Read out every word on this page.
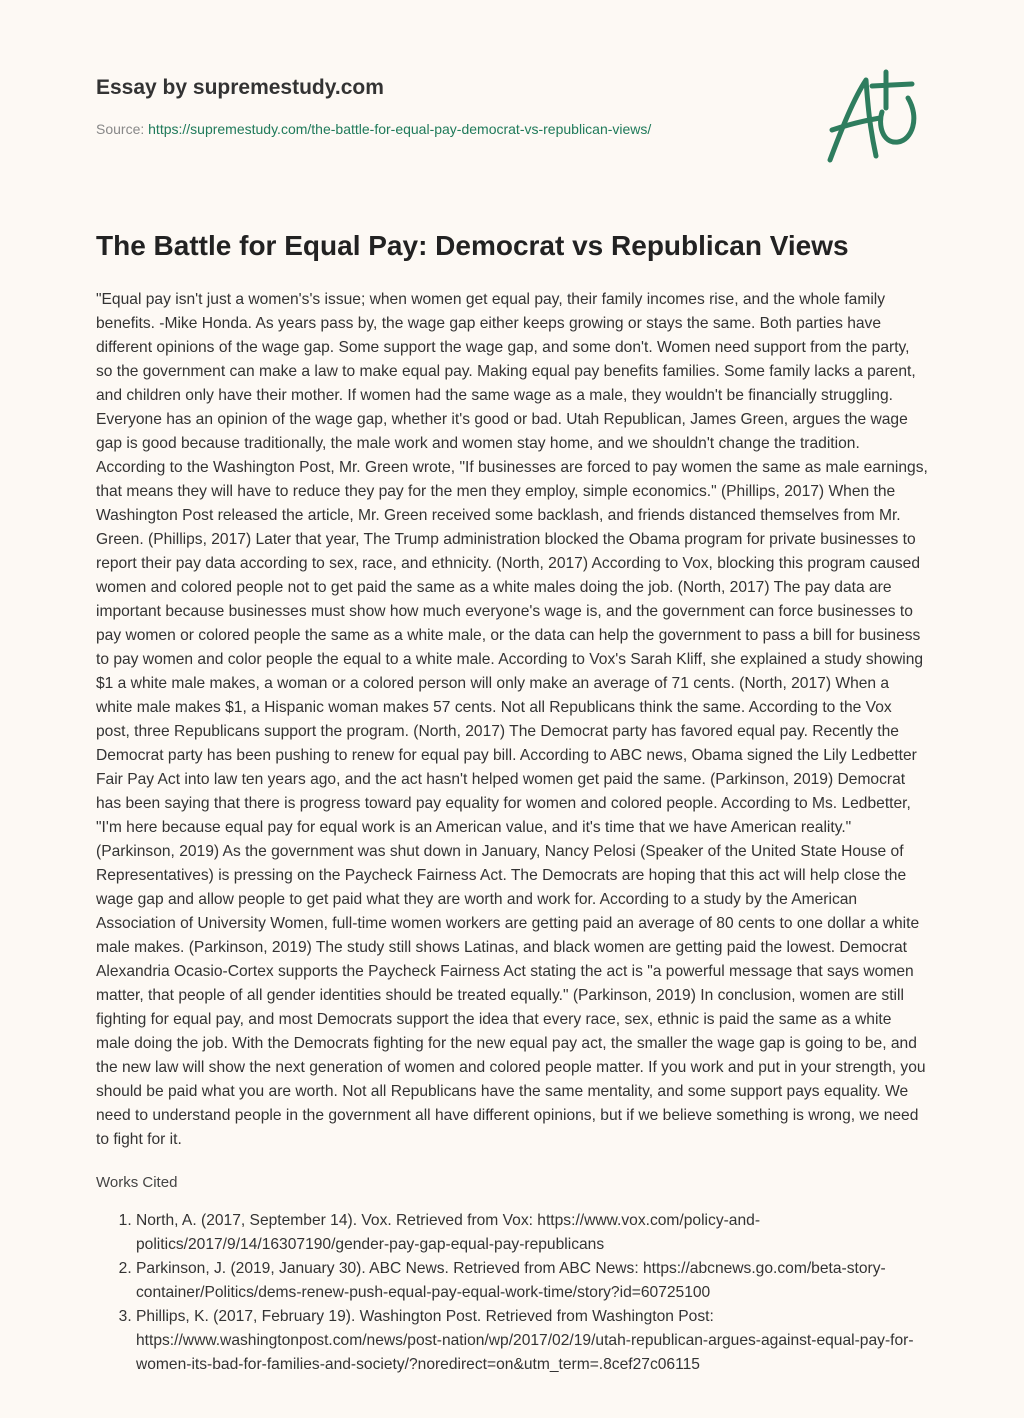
Essay by supremestudy.com
Source: https://supremestudy.com/the-battle-for-equal-pay-democrat-vs-republican-views/
The Battle for Equal Pay: Democrat vs Republican Views

"Equal pay isn't just a women's's issue; when women get equal pay, their family incomes rise, and the whole family benefits. -Mike Honda. As years pass by, the wage gap either keeps growing or stays the same. Both parties have different opinions of the wage gap. Some support the wage gap, and some don't. Women need support from the party, so the government can make a law to make equal pay. Making equal pay benefits families. Some family lacks a parent, and children only have their mother. If women had the same wage as a male, they wouldn't be financially struggling. Everyone has an opinion of the wage gap, whether it's good or bad. Utah Republican, James Green, argues the wage gap is good because traditionally, the male work and women stay home, and we shouldn't change the tradition. According to the Washington Post, Mr. Green wrote, "If businesses are forced to pay women the same as male earnings, that means they will have to reduce they pay for the men they employ, simple economics." (Phillips, 2017) When the Washington Post released the article, Mr. Green received some backlash, and friends distanced themselves from Mr. Green. (Phillips, 2017) Later that year, The Trump administration blocked the Obama program for private businesses to report their pay data according to sex, race, and ethnicity. (North, 2017) According to Vox, blocking this program caused women and colored people not to get paid the same as a white males doing the job. (North, 2017) The pay data are important because businesses must show how much everyone's wage is, and the government can force businesses to pay women or colored people the same as a white male, or the data can help the government to pass a bill for business to pay women and color people the equal to a white male. According to Vox's Sarah Kliff, she explained a study showing $1 a white male makes, a woman or a colored person will only make an average of 71 cents. (North, 2017) When a white male makes $1, a Hispanic woman makes 57 cents. Not all Republicans think the same. According to the Vox post, three Republicans support the program. (North, 2017) The Democrat party has favored equal pay. Recently the Democrat party has been pushing to renew for equal pay bill. According to ABC news, Obama signed the Lily Ledbetter Fair Pay Act into law ten years ago, and the act hasn't helped women get paid the same. (Parkinson, 2019) Democrat has been saying that there is progress toward pay equality for women and colored people. According to Ms. Ledbetter, "I'm here because equal pay for equal work is an American value, and it's time that we have American reality." (Parkinson, 2019) As the government was shut down in January, Nancy Pelosi (Speaker of the United State House of Representatives) is pressing on the Paycheck Fairness Act. The Democrats are hoping that this act will help close the wage gap and allow people to get paid what they are worth and work for. According to a study by the American Association of University Women, full-time women workers are getting paid an average of 80 cents to one dollar a white male makes. (Parkinson, 2019) The study still shows Latinas, and black women are getting paid the lowest. Democrat Alexandria Ocasio-Cortex supports the Paycheck Fairness Act stating the act is "a powerful message that says women matter, that people of all gender identities should be treated equally." (Parkinson, 2019) In conclusion, women are still fighting for equal pay, and most Democrats support the idea that every race, sex, ethnic is paid the same as a white male doing the job. With the Democrats fighting for the new equal pay act, the smaller the wage gap is going to be, and the new law will show the next generation of women and colored people matter. If you work and put in your strength, you should be paid what you are worth. Not all Republicans have the same mentality, and some support pays equality. We need to understand people in the government all have different opinions, but if we believe something is wrong, we need to fight for it.

Works Cited
1. North, A. (2017, September 14). Vox. Retrieved from Vox: https://www.vox.com/policy-and-politics/2017/9/14/16307190/gender-pay-gap-equal-pay-republicans
2. Parkinson, J. (2019, January 30). ABC News. Retrieved from ABC News: https://abcnews.go.com/beta-story-container/Politics/dems-renew-push-equal-pay-equal-work-time/story?id=60725100
3. Phillips, K. (2017, February 19). Washington Post. Retrieved from Washington Post: https://www.washingtonpost.com/news/post-nation/wp/2017/02/19/utah-republican-argues-against-equal-pay-for-women-its-bad-for-families-and-society/?noredirect=on&utm_term=.8cef27c06115
